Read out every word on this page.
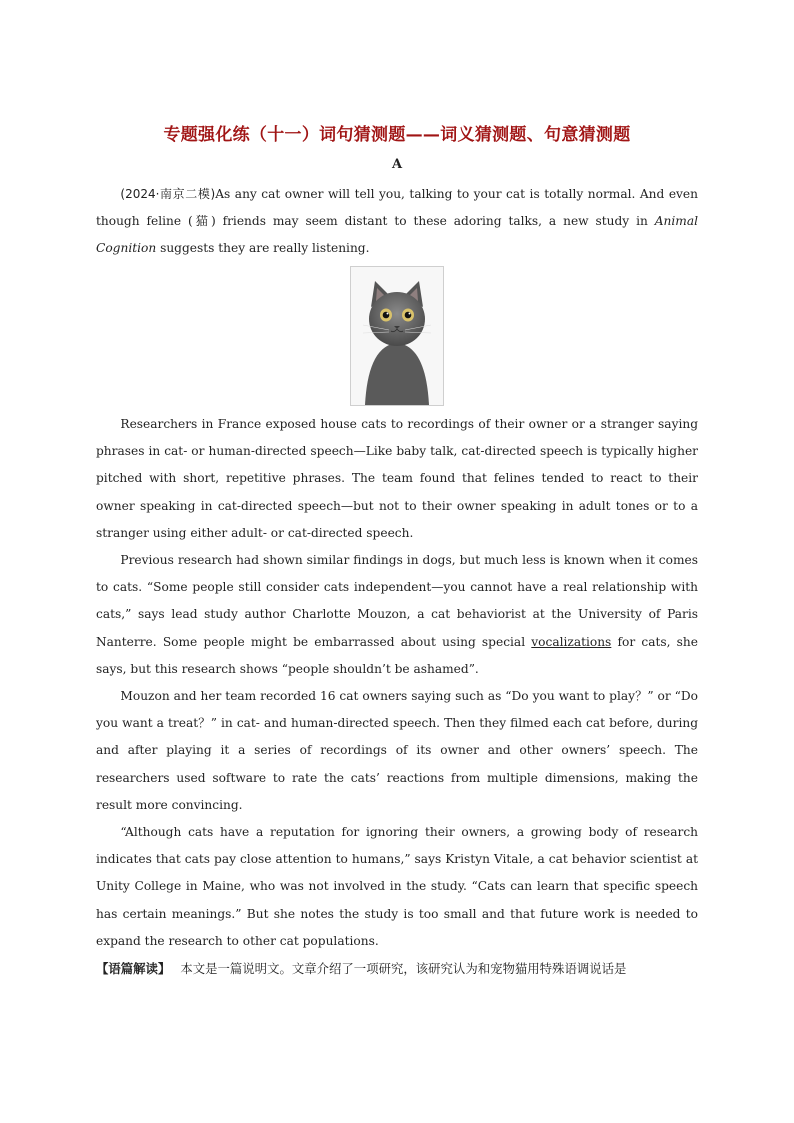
专题强化练（十一）词句猜测题——词义猜测题、句意猜测题
A

(2024·南京二模)As any cat owner will tell you, talking to your cat is totally normal. And even though feline (猫) friends may seem distant to these adoring talks, a new study in Animal Cognition suggests they are really listening.

Researchers in France exposed house cats to recordings of their owner or a stranger saying phrases in cat- or human-directed speech—Like baby talk, cat-directed speech is typically higher pitched with short, repetitive phrases. The team found that felines tended to react to their owner speaking in cat-directed speech—but not to their owner speaking in adult tones or to a stranger using either adult- or cat-directed speech.

Previous research had shown similar findings in dogs, but much less is known when it comes to cats. “Some people still consider cats independent—you cannot have a real relationship with cats,” says lead study author Charlotte Mouzon, a cat behaviorist at the University of Paris Nanterre. Some people might be embarrassed about using special vocalizations for cats, she says, but this research shows “people shouldn’t be ashamed”.

Mouzon and her team recorded 16 cat owners saying such as “Do you want to play？” or “Do you want a treat？” in cat- and human-directed speech. Then they filmed each cat before, during and after playing it a series of recordings of its owner and other owners’ speech. The researchers used software to rate the cats’ reactions from multiple dimensions, making the result more convincing.

“Although cats have a reputation for ignoring their owners, a growing body of research indicates that cats pay close attention to humans,” says Kristyn Vitale, a cat behavior scientist at Unity College in Maine, who was not involved in the study. “Cats can learn that specific speech has certain meanings.” But she notes the study is too small and that future work is needed to expand the research to other cat populations.

【语篇解读】 本文是一篇说明文。文章介绍了一项研究，该研究认为和宠物猫用特殊语调说话是
